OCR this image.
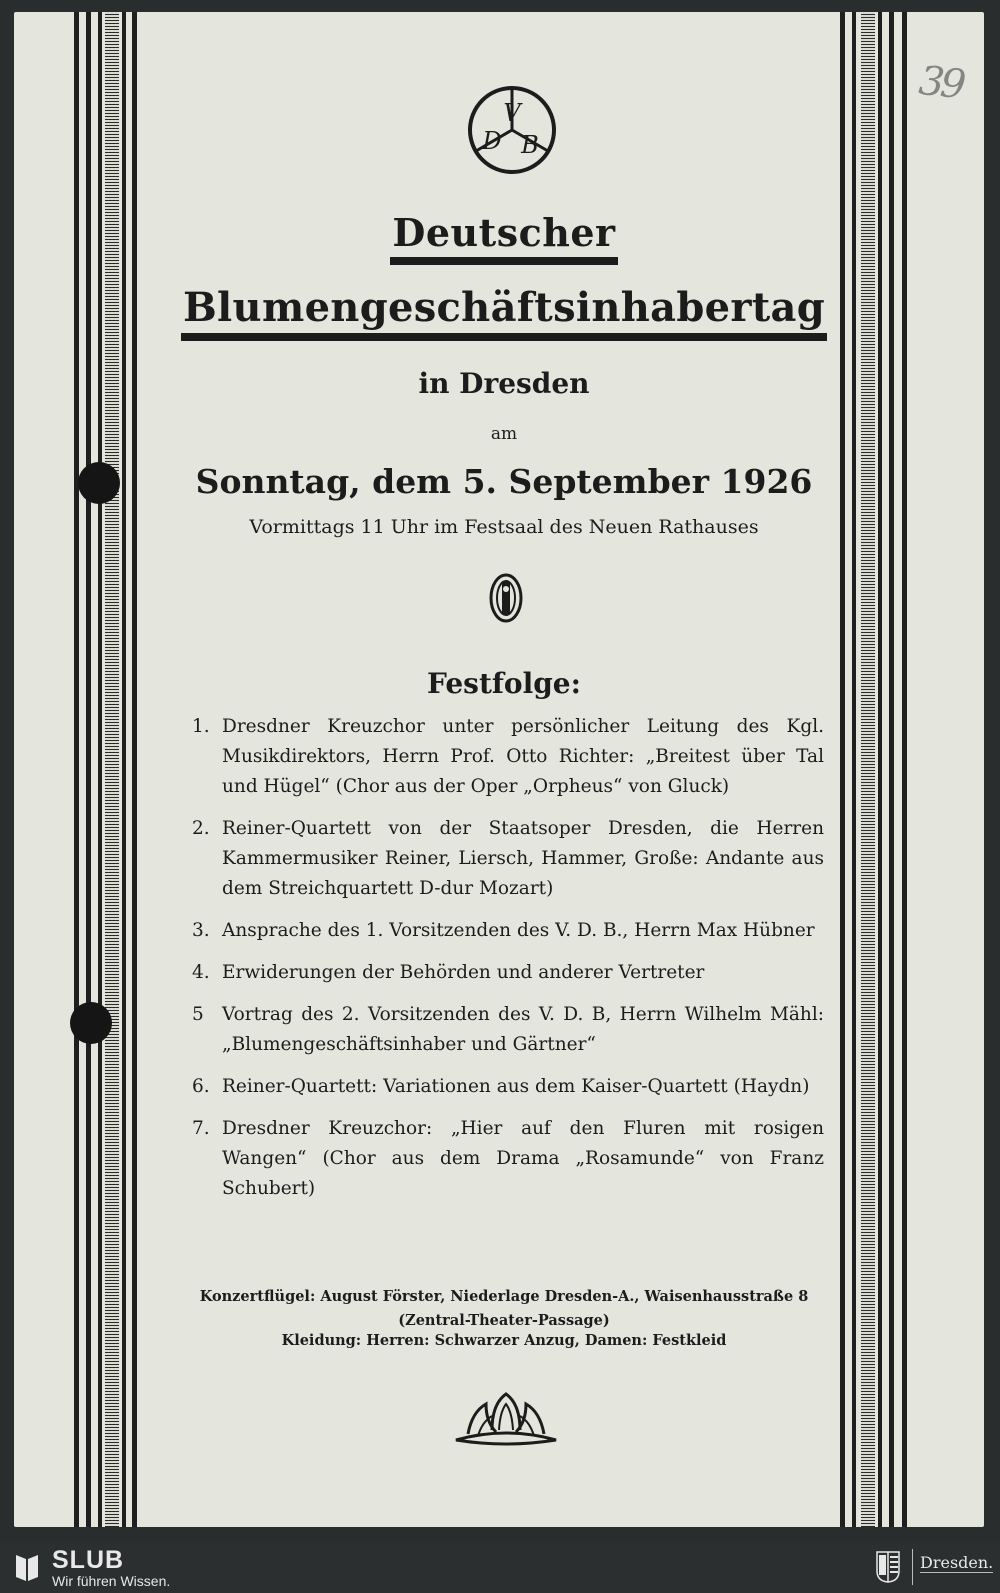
39
V
D B
Deutscher
Blumengeschäftsinhabertag
in Dresden
am
Sonntag, dem 5. September 1926
Vormittags 11 Uhr im Festsaal des Neuen Rathauses
Festfolge:
1. Dresdner Kreuzchor unter persönlicher Leitung des Kgl. Musikdirektors, Herrn Prof. Otto Richter: „Breitest über Tal und Hügel“ (Chor aus der Oper „Orpheus“ von Gluck)
2. Reiner-Quartett von der Staatsoper Dresden, die Herren Kammermusiker Reiner, Liersch, Hammer, Große: Andante aus dem Streichquartett D-dur Mozart)
3. Ansprache des 1. Vorsitzenden des V. D. B., Herrn Max Hübner
4. Erwiderungen der Behörden und anderer Vertreter
5 Vortrag des 2. Vorsitzenden des V. D. B, Herrn Wilhelm Mähl: „Blumengeschäftsinhaber und Gärtner“
6. Reiner-Quartett: Variationen aus dem Kaiser-Quartett (Haydn)
7. Dresdner Kreuzchor: „Hier auf den Fluren mit rosigen Wangen“ (Chor aus dem Drama „Rosamunde“ von Franz Schubert)
Konzertflügel: August Förster, Niederlage Dresden-A., Waisenhausstraße 8
(Zentral-Theater-Passage)
Kleidung: Herren: Schwarzer Anzug, Damen: Festkleid
SLUB
Wir führen Wissen.
Dresden.
